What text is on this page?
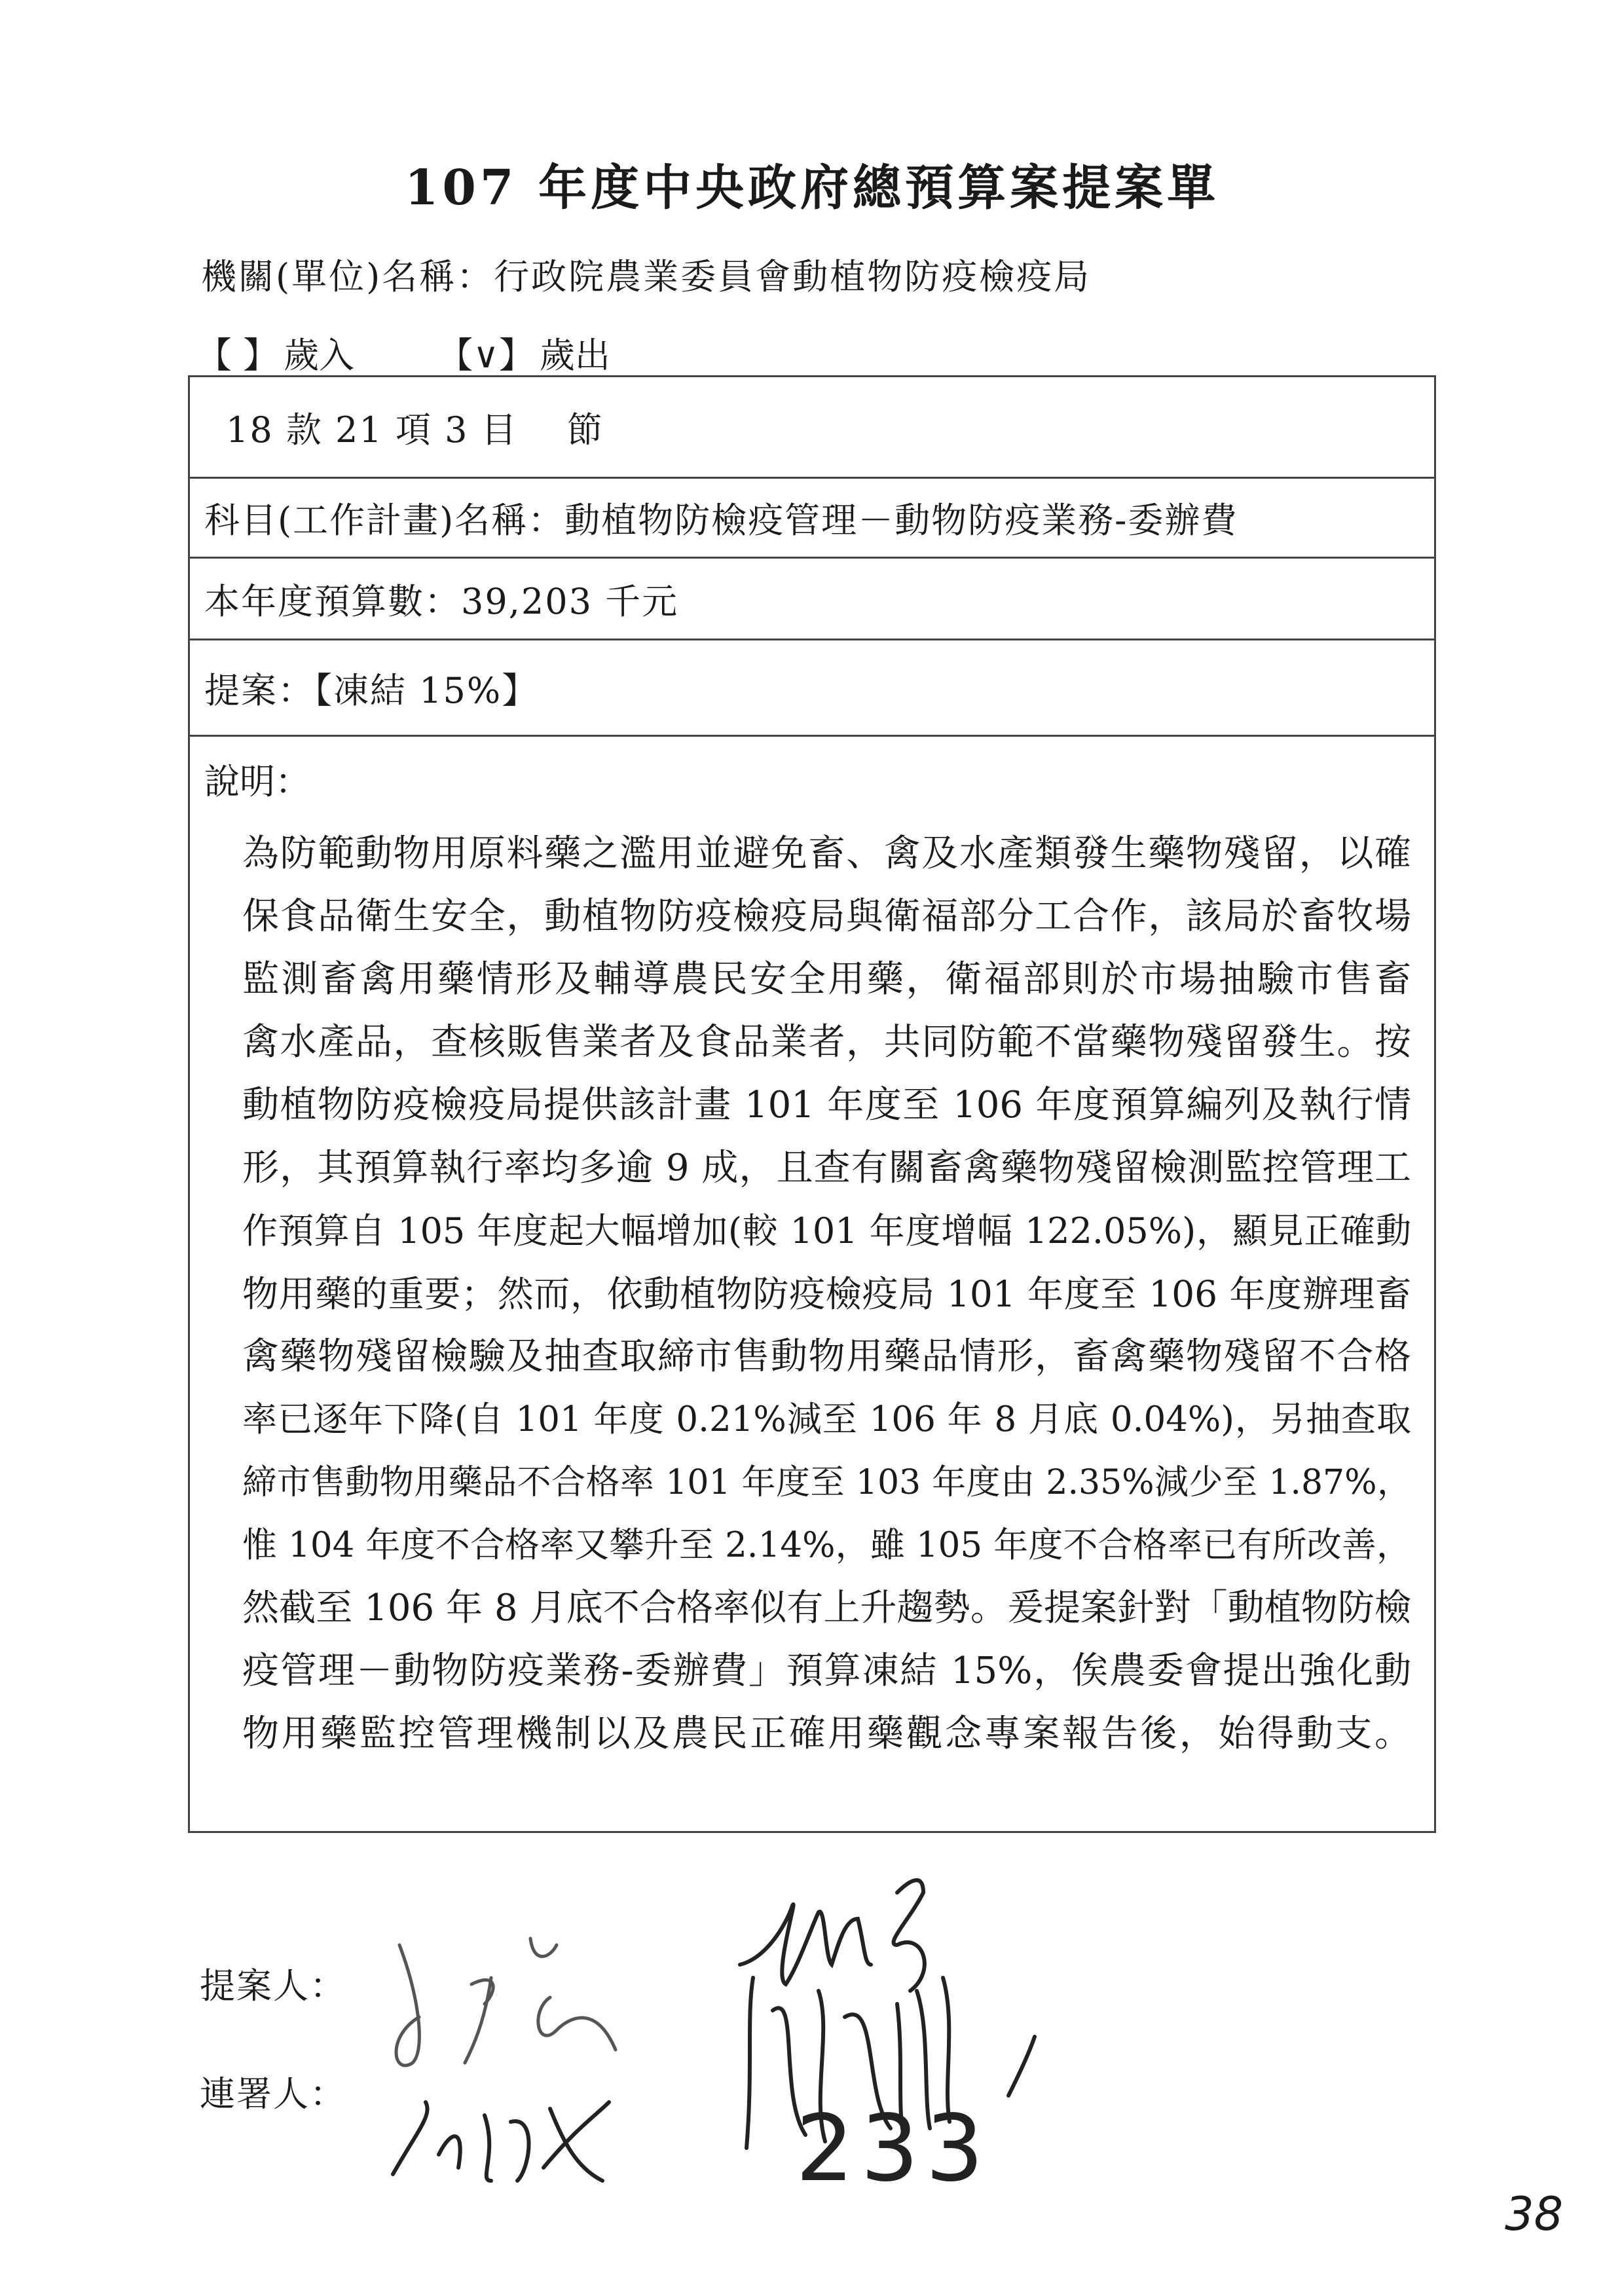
107 年度中央政府總預算案提案單
機關(單位)名稱：行政院農業委員會動植物防疫檢疫局
【 】 歲入 【∨】 歲出
18 款 21 項 3 目　 節
科目(工作計畫)名稱：動植物防檢疫管理－動物防疫業務-委辦費
本年度預算數：39,203 千元
提案：【凍結 15%】
說明：
為防範動物用原料藥之濫用並避免畜、禽及水產類發生藥物殘留，以確
保食品衛生安全，動植物防疫檢疫局與衛福部分工合作，該局於畜牧場
監測畜禽用藥情形及輔導農民安全用藥，衛福部則於市場抽驗市售畜
禽水產品，查核販售業者及食品業者，共同防範不當藥物殘留發生。按
動植物防疫檢疫局提供該計畫 101 年度至 106 年度預算編列及執行情
形，其預算執行率均多逾 9 成，且查有關畜禽藥物殘留檢測監控管理工
作預算自 105 年度起大幅增加(較 101 年度增幅 122.05%)，顯見正確動
物用藥的重要；然而，依動植物防疫檢疫局 101 年度至 106 年度辦理畜
禽藥物殘留檢驗及抽查取締市售動物用藥品情形，畜禽藥物殘留不合格
率已逐年下降(自 101 年度 0.21%減至 106 年 8 月底 0.04%)，另抽查取
締市售動物用藥品不合格率 101 年度至 103 年度由 2.35%減少至 1.87%，
惟 104 年度不合格率又攀升至 2.14%，雖 105 年度不合格率已有所改善，
然截至 106 年 8 月底不合格率似有上升趨勢。爰提案針對「動植物防檢
疫管理－動物防疫業務-委辦費」預算凍結 15%，俟農委會提出強化動
物用藥監控管理機制以及農民正確用藥觀念專案報告後，始得動支。
提案人：
連署人：
233
38
